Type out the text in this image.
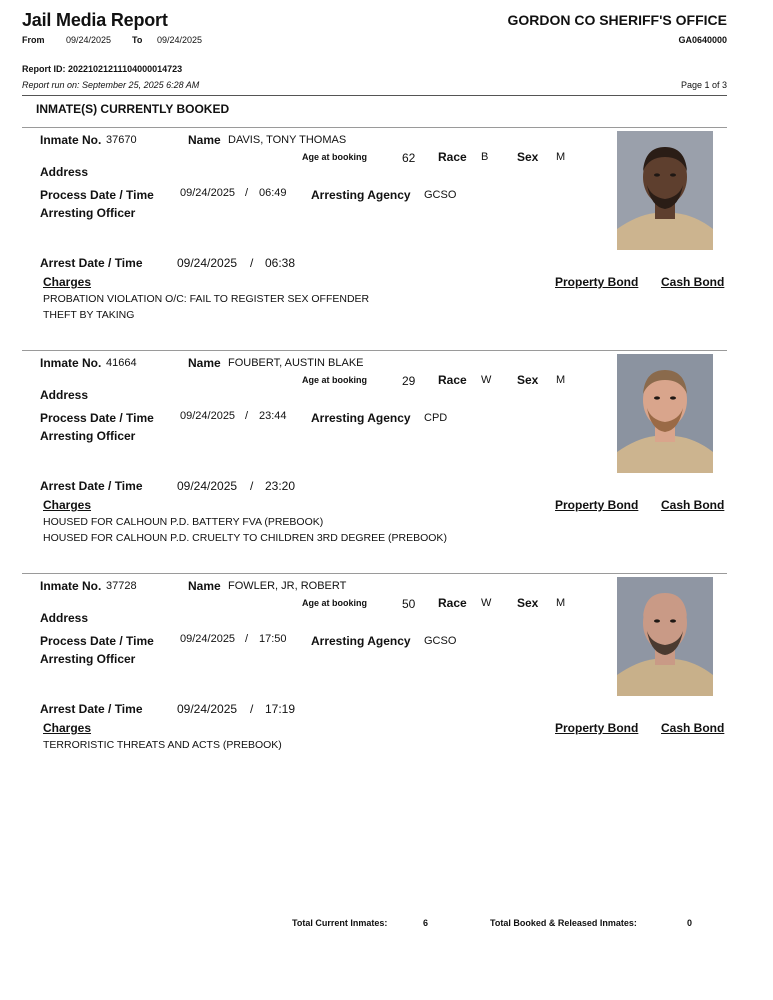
Jail Media Report	GORDON CO SHERIFF'S OFFICE
GA0640000
From 09/24/2025 To 09/24/2025
Report ID: 20221021211104000014723
Report run on: September 25, 2025 6:28 AM	Page 1 of 3
INMATE(S) CURRENTLY BOOKED
Inmate No. 37670	Name DAVIS, TONY THOMAS
Age at booking	62 Race B Sex M
Address
Process Date / Time 09/24/2025 / 06:49 Arresting Agency GCSO
Arresting Officer
Arrest Date / Time	09/24/2025 / 06:38
Charges	Property Bond Cash Bond
PROBATION VIOLATION O/C: FAIL TO REGISTER SEX OFFENDER
THEFT BY TAKING
Inmate No. 41664	Name FOUBERT, AUSTIN BLAKE
Age at booking	29 Race W Sex M
Address
Process Date / Time 09/24/2025 / 23:44 Arresting Agency CPD
Arresting Officer
Arrest Date / Time	09/24/2025 / 23:20
Charges	Property Bond Cash Bond
HOUSED FOR CALHOUN P.D. BATTERY FVA (PREBOOK)
HOUSED FOR CALHOUN P.D. CRUELTY TO CHILDREN 3RD DEGREE (PREBOOK)
Inmate No. 37728	Name FOWLER, JR, ROBERT
Age at booking	50 Race W Sex M
Address
Process Date / Time 09/24/2025 / 17:50 Arresting Agency GCSO
Arresting Officer
Arrest Date / Time	09/24/2025 / 17:19
Charges	Property Bond Cash Bond
TERRORISTIC THREATS AND ACTS (PREBOOK)
Total Current Inmates:	6	Total Booked & Released Inmates:	0
